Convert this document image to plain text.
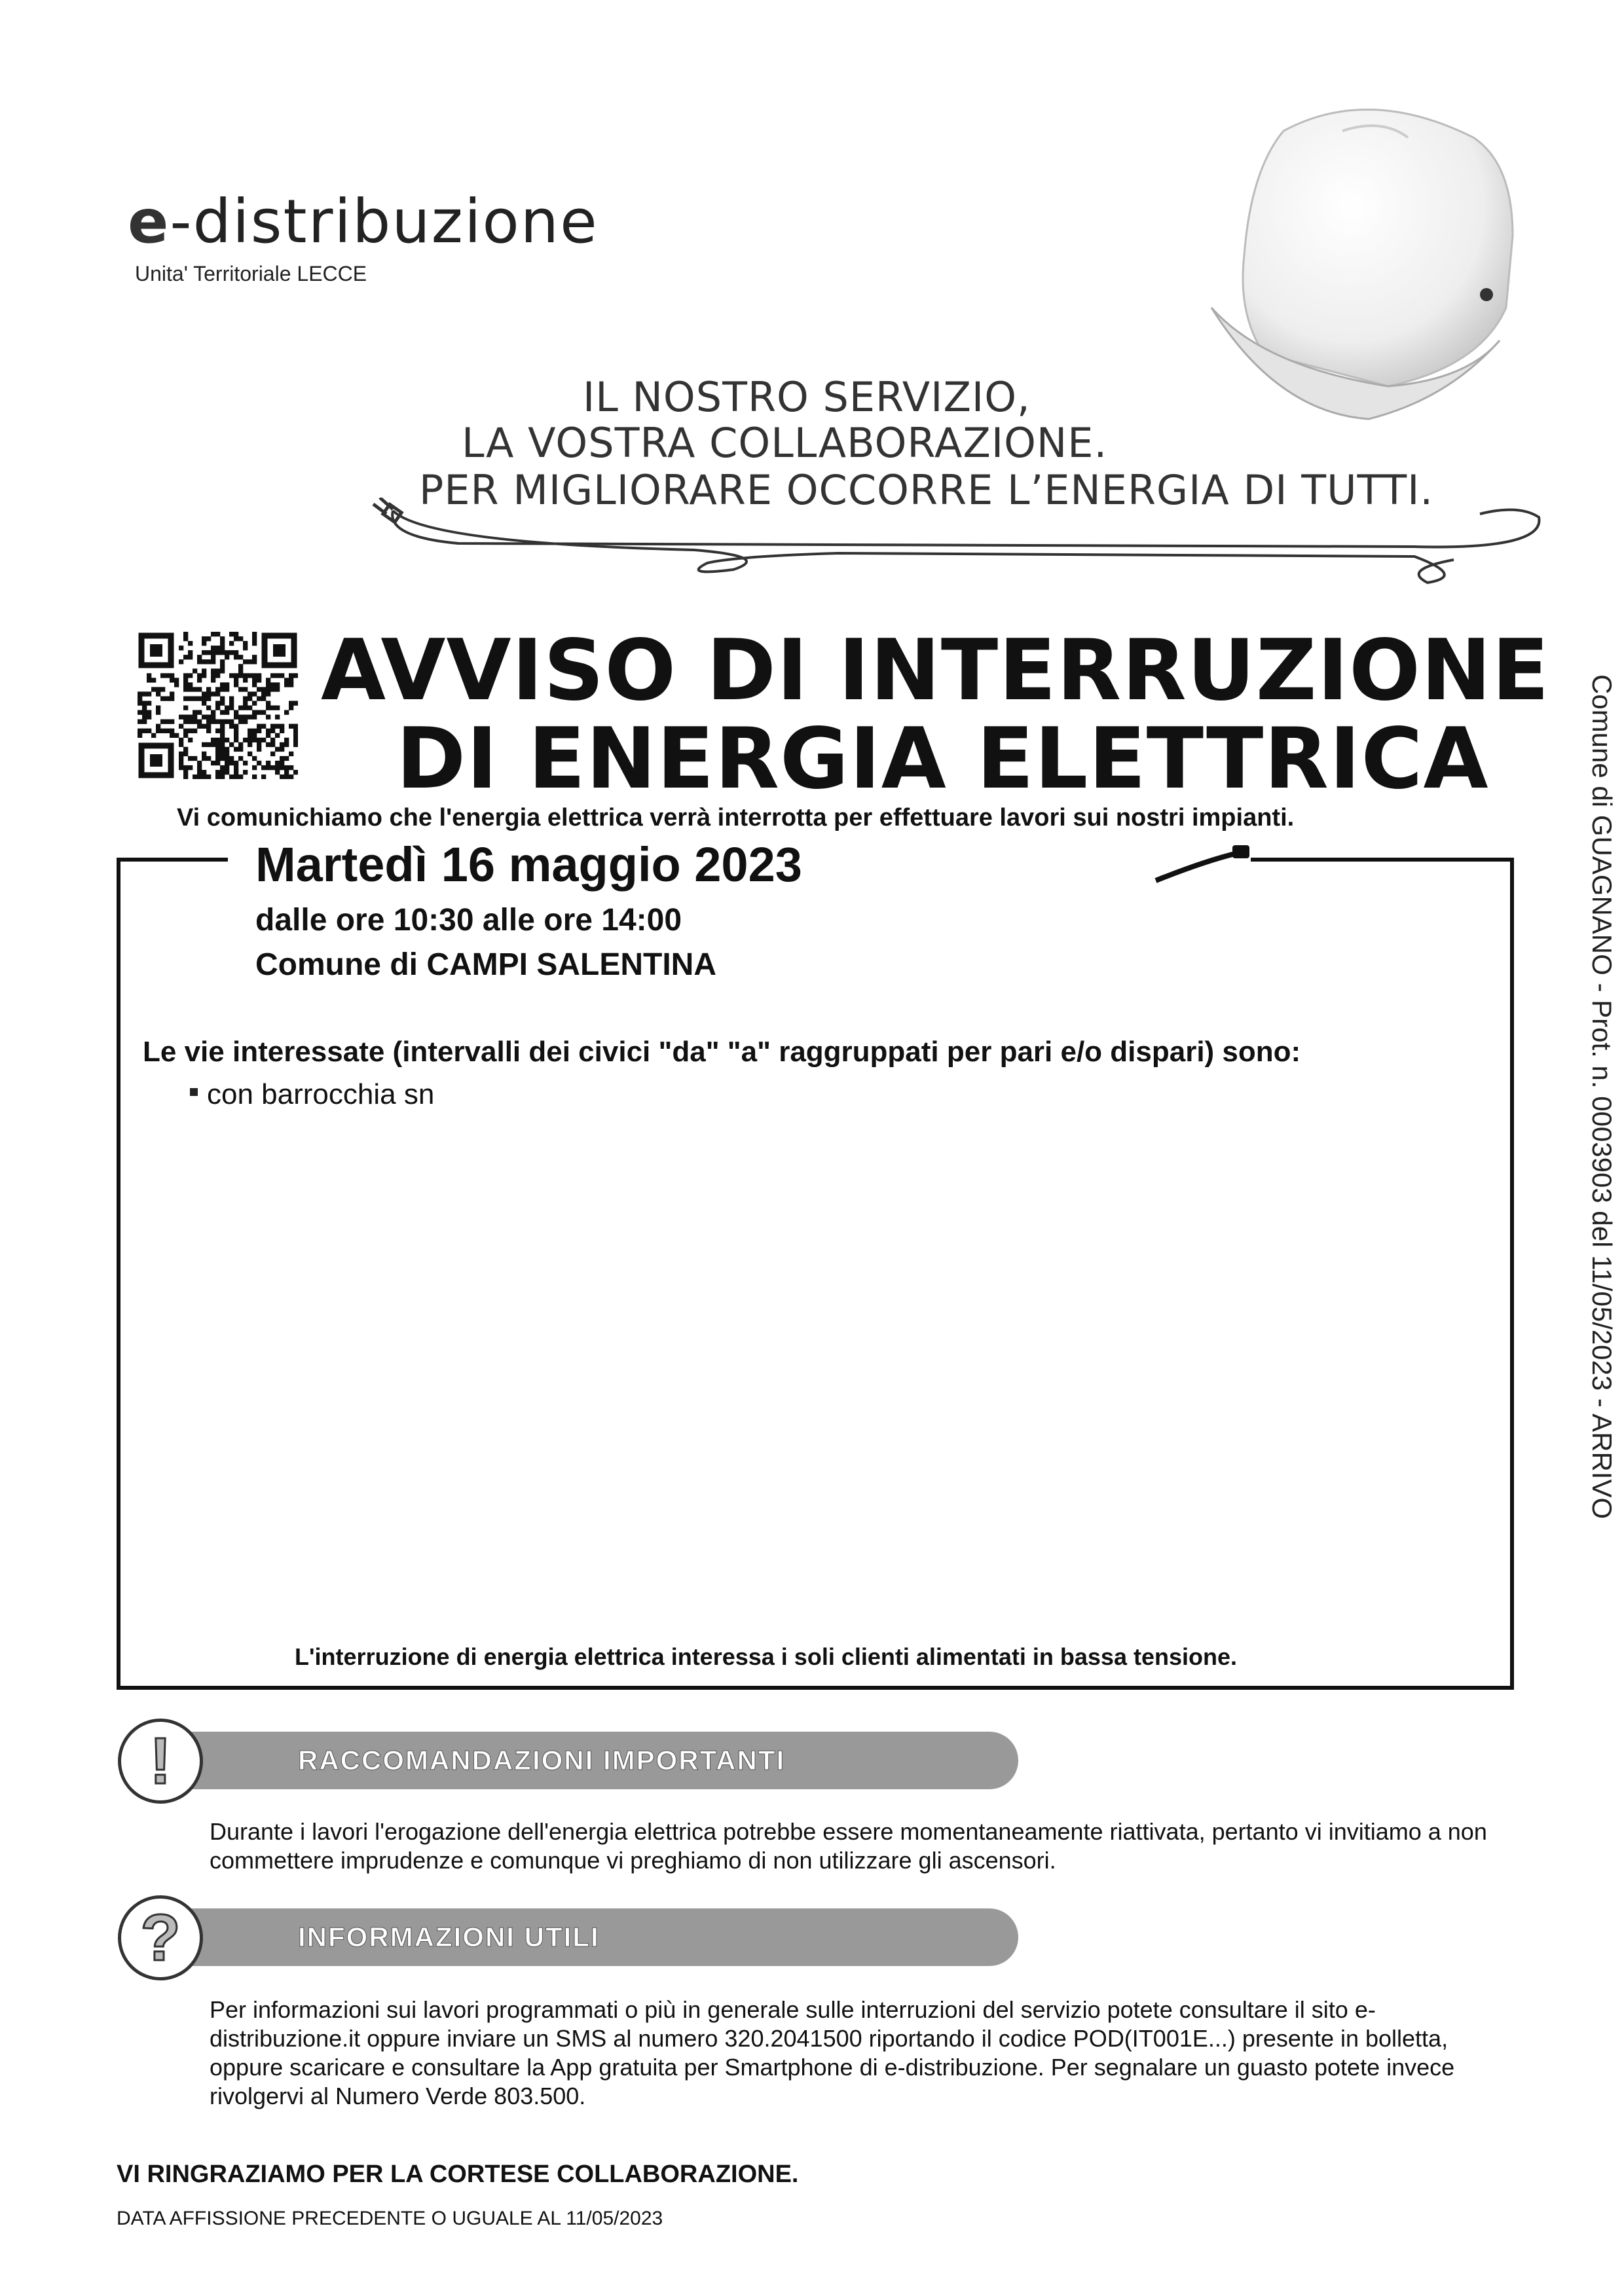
e-distribuzione
Unita' Territoriale LECCE
IL NOSTRO SERVIZIO,
LA VOSTRA COLLABORAZIONE.
PER MIGLIORARE OCCORRE L’ENERGIA DI TUTTI.
AVVISO DI INTERRUZIONE
DI ENERGIA ELETTRICA
Vi comunichiamo che l'energia elettrica verrà interrotta per effettuare lavori sui nostri impianti.
Martedì 16 maggio 2023
dalle ore 10:30 alle ore 14:00
Comune di CAMPI SALENTINA
Le vie interessate (intervalli dei civici "da" "a" raggruppati per pari e/o dispari) sono:
con barrocchia sn
L'interruzione di energia elettrica interessa i soli clienti alimentati in bassa tensione.
Comune di GUAGNANO - Prot. n. 0003903 del 11/05/2023 - ARRIVO
RACCOMANDAZIONI IMPORTANTI
!
Durante i lavori l'erogazione dell'energia elettrica potrebbe essere momentaneamente riattivata, pertanto vi invitiamo a non commettere imprudenze e comunque vi preghiamo di non utilizzare gli ascensori.
INFORMAZIONI UTILI
?
Per informazioni sui lavori programmati o più in generale sulle interruzioni del servizio potete consultare il sito e-distribuzione.it oppure inviare un SMS al numero 320.2041500 riportando il codice POD(IT001E...) presente in bolletta, oppure scaricare e consultare la App gratuita per Smartphone di e-distribuzione. Per segnalare un guasto potete invece rivolgervi al Numero Verde 803.500.
VI RINGRAZIAMO PER LA CORTESE COLLABORAZIONE.
DATA AFFISSIONE PRECEDENTE O UGUALE AL 11/05/2023
